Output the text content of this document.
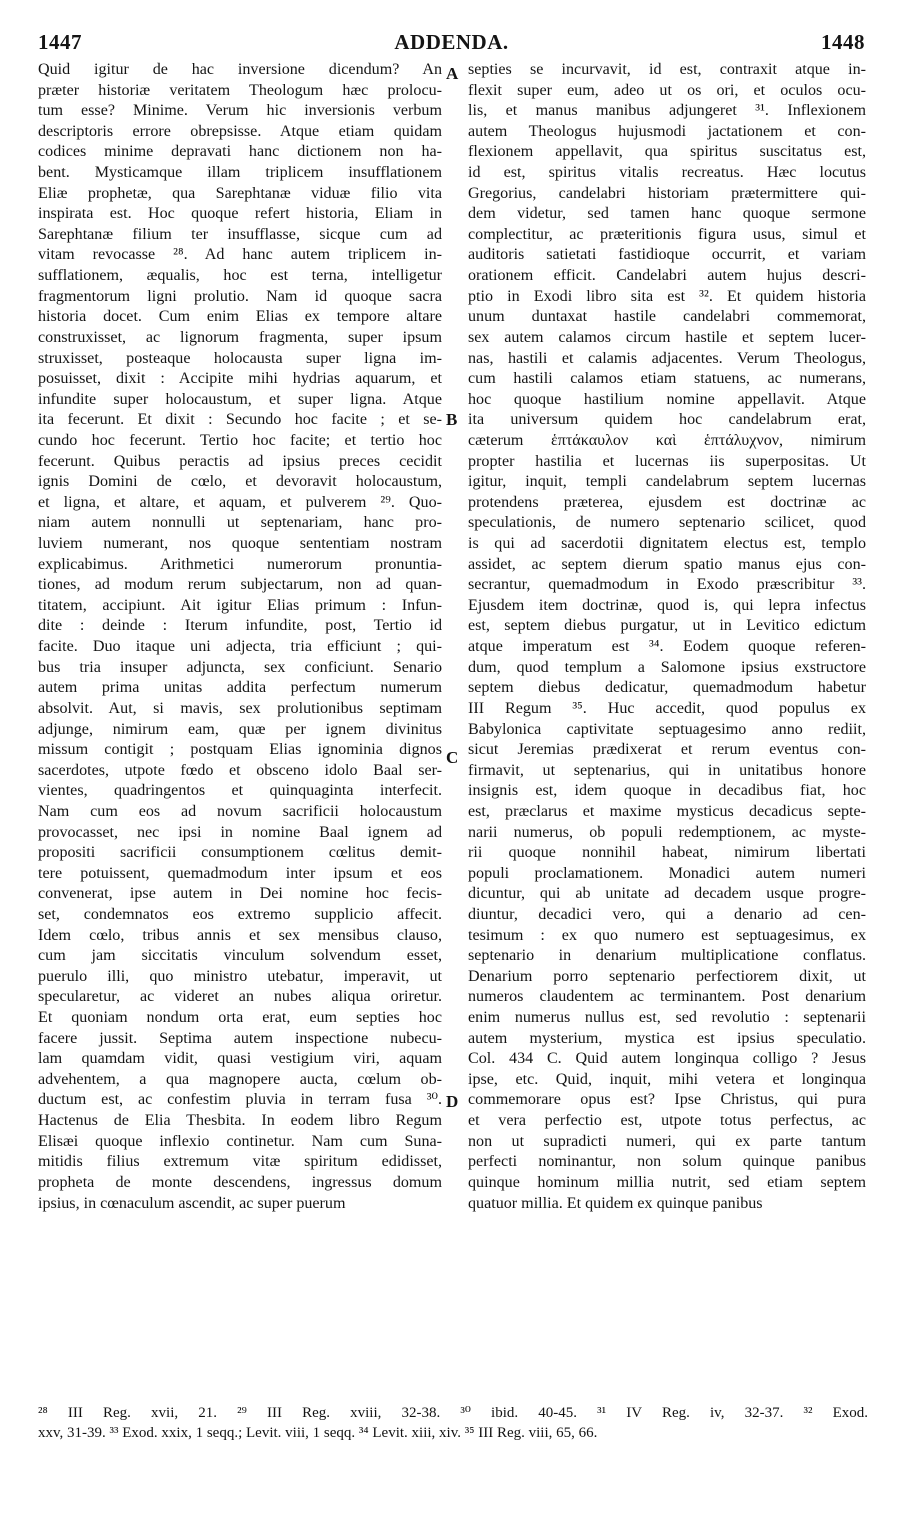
1447	ADDENDA.	1448
Quid igitur de hac inversione dicendum? An
præter historiæ veritatem Theologum hæc prolocu-
tum esse? Minime. Verum hic inversionis verbum
descriptoris errore obrepsisse. Atque etiam quidam
codices minime depravati hanc dictionem non ha-
bent. Mysticamque illam triplicem insufflationem
Eliæ prophetæ, qua Sarephtanæ viduæ filio vita
inspirata est. Hoc quoque refert historia, Eliam in
Sarephtanæ filium ter insufflasse, sicque cum ad
vitam revocasse ²⁸. Ad hanc autem triplicem in-
sufflationem, æqualis, hoc est terna, intelligetur
fragmentorum ligni prolutio. Nam id quoque sacra
historia docet. Cum enim Elias ex tempore altare
construxisset, ac lignorum fragmenta, super ipsum
struxisset, posteaque holocausta super ligna im-
posuisset, dixit : Accipite mihi hydrias aquarum, et
infundite super holocaustum, et super ligna. Atque
ita fecerunt. Et dixit : Secundo hoc facite ; et se-
cundo hoc fecerunt. Tertio hoc facite; et tertio hoc
fecerunt. Quibus peractis ad ipsius preces cecidit
ignis Domini de cœlo, et devoravit holocaustum,
et ligna, et altare, et aquam, et pulverem ²⁹. Quo-
niam autem nonnulli ut septenariam, hanc pro-
luviem numerant, nos quoque sententiam nostram
explicabimus. Arithmetici numerorum pronuntia-
tiones, ad modum rerum subjectarum, non ad quan-
titatem, accipiunt. Ait igitur Elias primum : Infun-
dite : deinde : Iterum infundite, post, Tertio id
facite. Duo itaque uni adjecta, tria efficiunt ; qui-
bus tria insuper adjuncta, sex conficiunt. Senario
autem prima unitas addita perfectum numerum
absolvit. Aut, si mavis, sex prolutionibus septimam
adjunge, nimirum eam, quæ per ignem divinitus
missum contigit ; postquam Elias ignominia dignos
sacerdotes, utpote fœdo et obsceno idolo Baal ser-
vientes, quadringentos et quinquaginta interfecit.
Nam cum eos ad novum sacrificii holocaustum
provocasset, nec ipsi in nomine Baal ignem ad
propositi sacrificii consumptionem cœlitus demit-
tere potuissent, quemadmodum inter ipsum et eos
convenerat, ipse autem in Dei nomine hoc fecis-
set, condemnatos eos extremo supplicio affecit.
Idem cœlo, tribus annis et sex mensibus clauso,
cum jam siccitatis vinculum solvendum esset,
puerulo illi, quo ministro utebatur, imperavit, ut
specularetur, ac videret an nubes aliqua oriretur.
Et quoniam nondum orta erat, eum septies hoc
facere jussit. Septima autem inspectione nubecu-
lam quamdam vidit, quasi vestigium viri, aquam
advehentem, a qua magnopere aucta, cœlum ob-
ductum est, ac confestim pluvia in terram fusa ³⁰.
Hactenus de Elia Thesbita. In eodem libro Regum
Elisæi quoque inflexio continetur. Nam cum Suna-
mitidis filius extremum vitæ spiritum edidisset,
propheta de monte descendens, ingressus domum
ipsius, in cœnaculum ascendit, ac super puerum
septies se incurvavit, id est, contraxit atque in-
flexit super eum, adeo ut os ori, et oculos ocu-
lis, et manus manibus adjungeret ³¹. Inflexionem
autem Theologus hujusmodi jactationem et con-
flexionem appellavit, qua spiritus suscitatus est,
id est, spiritus vitalis recreatus. Hæc locutus
Gregorius, candelabri historiam prætermittere qui-
dem videtur, sed tamen hanc quoque sermone
complectitur, ac præteritionis figura usus, simul et
auditoris satietati fastidioque occurrit, et variam
orationem efficit. Candelabri autem hujus descri-
ptio in Exodi libro sita est ³². Et quidem historia
unum duntaxat hastile candelabri commemorat,
sex autem calamos circum hastile et septem lucer-
nas, hastili et calamis adjacentes. Verum Theologus,
cum hastili calamos etiam statuens, ac numerans,
hoc quoque hastilium nomine appellavit. Atque
ita universum quidem hoc candelabrum erat,
cæterum ἑπτάκαυλον καὶ ἑπτάλυχνον, nimirum
propter hastilia et lucernas iis superpositas. Ut
igitur, inquit, templi candelabrum septem lucernas
protendens præterea, ejusdem est doctrinæ ac
speculationis, de numero septenario scilicet, quod
is qui ad sacerdotii dignitatem electus est, templo
assidet, ac septem dierum spatio manus ejus con-
secrantur, quemadmodum in Exodo præscribitur ³³.
Ejusdem item doctrinæ, quod is, qui lepra infectus
est, septem diebus purgatur, ut in Levitico edictum
atque imperatum est ³⁴. Eodem quoque referen-
dum, quod templum a Salomone ipsius exstructore
septem diebus dedicatur, quemadmodum habetur
III Regum ³⁵. Huc accedit, quod populus ex
Babylonica captivitate septuagesimo anno rediit,
sicut Jeremias prædixerat et rerum eventus con-
firmavit, ut septenarius, qui in unitatibus honore
insignis est, idem quoque in decadibus fiat, hoc
est, præclarus et maxime mysticus decadicus septe-
narii numerus, ob populi redemptionem, ac myste-
rii quoque nonnihil habeat, nimirum libertati
populi proclamationem. Monadici autem numeri
dicuntur, qui ab unitate ad decadem usque progre-
diuntur, decadici vero, qui a denario ad cen-
tesimum : ex quo numero est septuagesimus, ex
septenario in denarium multiplicatione conflatus.
Denarium porro septenario perfectiorem dixit, ut
numeros claudentem ac terminantem. Post denarium
enim numerus nullus est, sed revolutio : septenarii
autem mysterium, mystica est ipsius speculatio.
Col. 434 C. Quid autem longinqua colligo ? Jesus
ipse, etc. Quid, inquit, mihi vetera et longinqua
commemorare opus est? Ipse Christus, qui pura
et vera perfectio est, utpote totus perfectus, ac
non ut supradicti numeri, qui ex parte tantum
perfecti nominantur, non solum quinque panibus
quinque hominum millia nutrit, sed etiam septem
quatuor millia. Et quidem ex quinque panibus
A
B
C
D
²⁸ III Reg. xvii, 21. ²⁹ III Reg. xviii, 32-38. ³⁰ ibid. 40-45. ³¹ IV Reg. iv, 32-37. ³² Exod.
xxv, 31-39. ³³ Exod. xxix, 1 seqq.; Levit. viii, 1 seqq. ³⁴ Levit. xiii, xiv. ³⁵ III Reg. viii, 65, 66.
